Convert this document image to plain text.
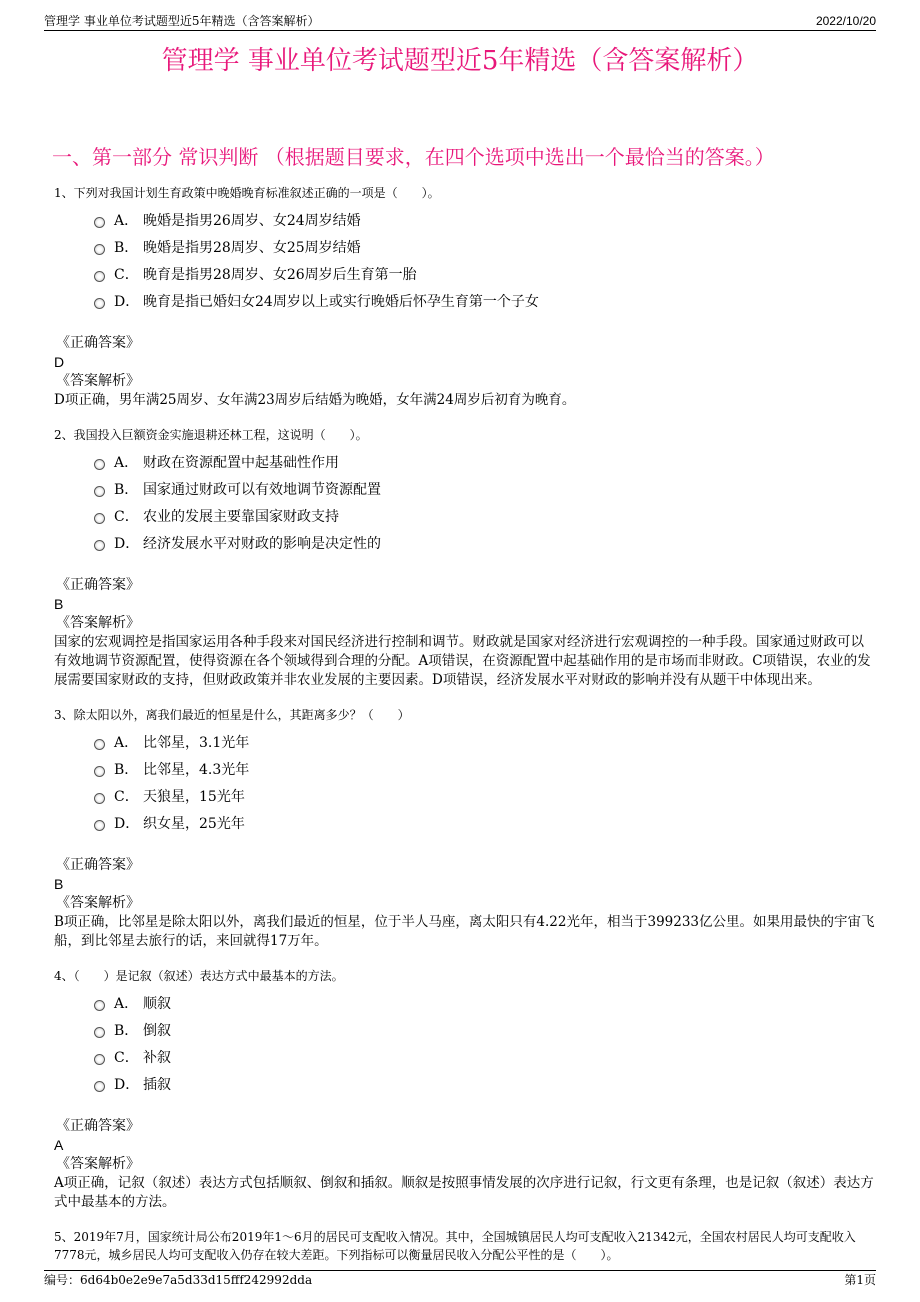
管理学 事业单位考试题型近5年精选（含答案解析）	2022/10/20
管理学 事业单位考试题型近5年精选（含答案解析）
一、第一部分 常识判断 （根据题目要求，在四个选项中选出一个最恰当的答案。）

1、下列对我国计划生育政策中晚婚晚育标准叙述正确的一项是（　　）。

A． 晚婚是指男26周岁、女24周岁结婚
B． 晚婚是指男28周岁、女25周岁结婚
C． 晚育是指男28周岁、女26周岁后生育第一胎
D． 晚育是指已婚妇女24周岁以上或实行晚婚后怀孕生育第一个子女
《正确答案》
D
《答案解析》
D项正确，男年满25周岁、女年满23周岁后结婚为晚婚，女年满24周岁后初育为晚育。

2、我国投入巨额资金实施退耕还林工程，这说明（　　）。

A． 财政在资源配置中起基础性作用
B． 国家通过财政可以有效地调节资源配置
C． 农业的发展主要靠国家财政支持
D． 经济发展水平对财政的影响是决定性的
《正确答案》
B
《答案解析》
国家的宏观调控是指国家运用各种手段来对国民经济进行控制和调节。财政就是国家对经济进行宏观调控的一种手段。国家通过财政可以有效地调节资源配置，使得资源在各个领域得到合理的分配。A项错误，在资源配置中起基础作用的是市场而非财政。C项错误，农业的发展需要国家财政的支持，但财政政策并非农业发展的主要因素。D项错误，经济发展水平对财政的影响并没有从题干中体现出来。

3、除太阳以外，离我们最近的恒星是什么，其距离多少？（　　）

A． 比邻星，3.1光年
B． 比邻星，4.3光年
C． 天狼星，15光年
D． 织女星，25光年
《正确答案》
B
《答案解析》
B项正确，比邻星是除太阳以外，离我们最近的恒星，位于半人马座，离太阳只有4.22光年，相当于399233亿公里。如果用最快的宇宙飞船，到比邻星去旅行的话，来回就得17万年。

4、（　　）是记叙（叙述）表达方式中最基本的方法。

A． 顺叙
B． 倒叙
C． 补叙
D． 插叙
《正确答案》
A
《答案解析》
A项正确，记叙（叙述）表达方式包括顺叙、倒叙和插叙。顺叙是按照事情发展的次序进行记叙，行文更有条理，也是记叙（叙述）表达方式中最基本的方法。

5、2019年7月，国家统计局公布2019年1～6月的居民可支配收入情况。其中，全国城镇居民人均可支配收入21342元，全国农村居民人均可支配收入7778元，城乡居民人均可支配收入仍存在较大差距。下列指标可以衡量居民收入分配公平性的是（　　）。

编号：6d64b0e2e9e7a5d33d15fff242992dda	第1页
